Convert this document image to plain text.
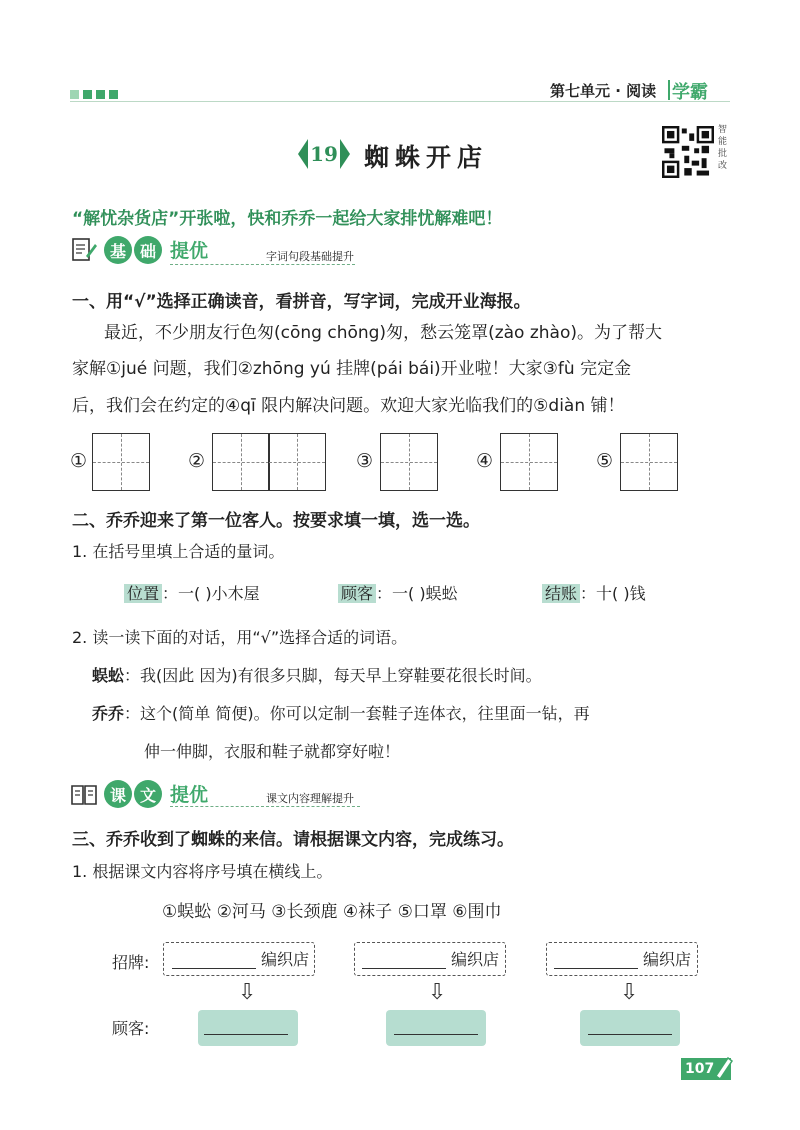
第七单元 · 阅读 学霸
19 蜘蛛开店
智能批改
“解忧杂货店”开张啦，快和乔乔一起给大家排忧解难吧！
基 础 提优	字词句段基础提升
一、用“√”选择正确读音，看拼音，写字词，完成开业海报。
最近，不少朋友行色匆(cōng chōng)匆，愁云笼罩(zào zhào)。为了帮大
家解①jué 问题，我们②zhōng yú 挂牌(pái bái)开业啦！大家③fù 完定金
后，我们会在约定的④qī 限内解决问题。欢迎大家光临我们的⑤diàn 铺！
①	②	③	④	⑤
二、乔乔迎来了第一位客人。按要求填一填，选一选。
1. 在括号里填上合适的量词。
位置 ：一( )小木屋	顾客 ：一( )蜈蚣	结账 ：十( )钱
2. 读一读下面的对话，用“√”选择合适的词语。
蜈蚣：我(因此 因为)有很多只脚，每天早上穿鞋要花很长时间。
乔乔：这个(简单 简便)。你可以定制一套鞋子连体衣，往里面一钻，再
伸一伸脚，衣服和鞋子就都穿好啦！
课 文 提优	课文内容理解提升
三、乔乔收到了蜘蛛的来信。请根据课文内容，完成练习。
1. 根据课文内容将序号填在横线上。
①蜈蚣 ②河马 ③长颈鹿 ④袜子 ⑤口罩 ⑥围巾
招牌:	编织店	编织店	编织店
⇩	⇩	⇩
顾客:
107
